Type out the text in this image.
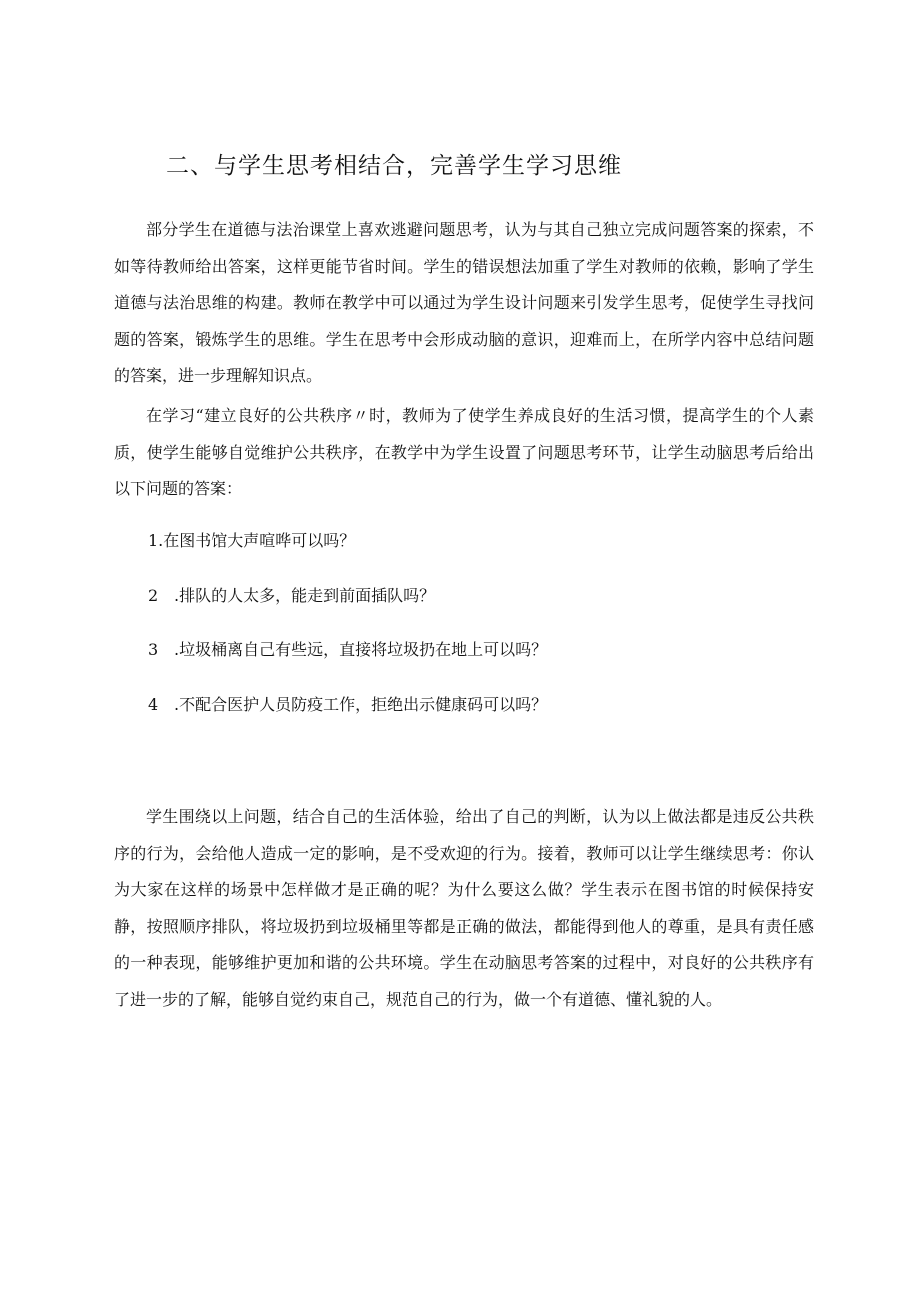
二、与学生思考相结合，完善学生学习思维

部分学生在道德与法治课堂上喜欢逃避问题思考，认为与其自己独立完成问题答案的探索，不如等待教师给出答案，这样更能节省时间。学生的错误想法加重了学生对教师的依赖，影响了学生道德与法治思维的构建。教师在教学中可以通过为学生设计问题来引发学生思考，促使学生寻找问题的答案，锻炼学生的思维。学生在思考中会形成动脑的意识，迎难而上，在所学内容中总结问题的答案，进一步理解知识点。

在学习“建立良好的公共秩序〃时，教师为了使学生养成良好的生活习惯，提高学生的个人素质，使学生能够自觉维护公共秩序，在教学中为学生设置了问题思考环节，让学生动脑思考后给出以下问题的答案：

1.在图书馆大声喧哗可以吗？
2 .排队的人太多，能走到前面插队吗？
3 .垃圾桶离自己有些远，直接将垃圾扔在地上可以吗？
4 .不配合医护人员防疫工作，拒绝出示健康码可以吗？

学生围绕以上问题，结合自己的生活体验，给出了自己的判断，认为以上做法都是违反公共秩序的行为，会给他人造成一定的影响，是不受欢迎的行为。接着，教师可以让学生继续思考：你认为大家在这样的场景中怎样做才是正确的呢？为什么要这么做？学生表示在图书馆的时候保持安静，按照顺序排队，将垃圾扔到垃圾桶里等都是正确的做法，都能得到他人的尊重，是具有责任感的一种表现，能够维护更加和谐的公共环境。学生在动脑思考答案的过程中，对良好的公共秩序有了进一步的了解，能够自觉约束自己，规范自己的行为，做一个有道德、懂礼貌的人。
